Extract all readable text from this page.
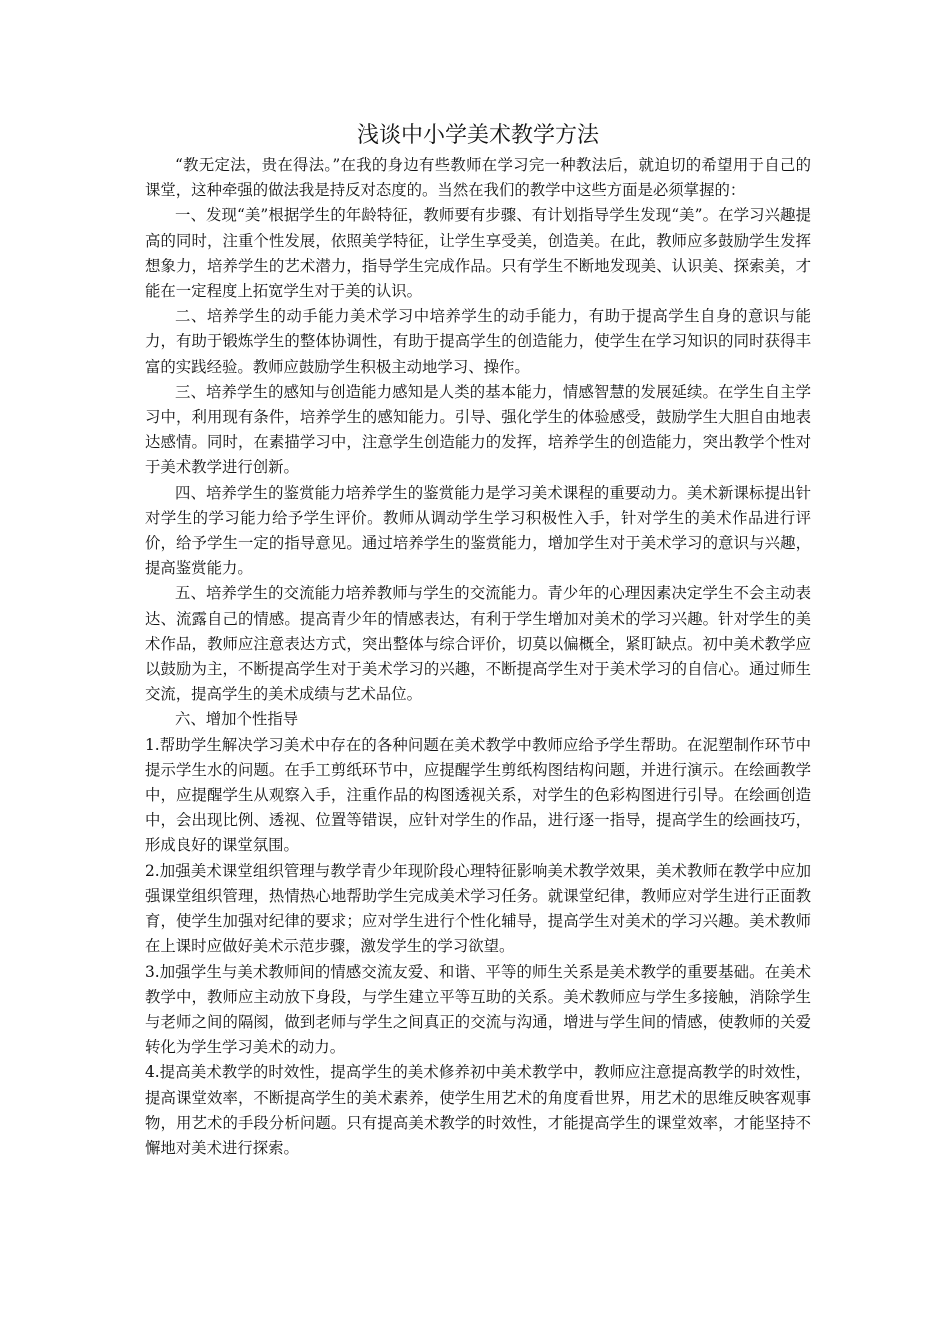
浅谈中小学美术教学方法

“教无定法，贵在得法。”在我的身边有些教师在学习完一种教法后，就迫切的希望用于自己的课堂，这种牵强的做法我是持反对态度的。当然在我们的教学中这些方面是必须掌握的：

一、发现“美”根据学生的年龄特征，教师要有步骤、有计划指导学生发现“美”。在学习兴趣提高的同时，注重个性发展，依照美学特征，让学生享受美，创造美。在此，教师应多鼓励学生发挥想象力，培养学生的艺术潜力，指导学生完成作品。只有学生不断地发现美、认识美、探索美，才能在一定程度上拓宽学生对于美的认识。

二、培养学生的动手能力美术学习中培养学生的动手能力，有助于提高学生自身的意识与能力，有助于锻炼学生的整体协调性，有助于提高学生的创造能力，使学生在学习知识的同时获得丰富的实践经验。教师应鼓励学生积极主动地学习、操作。

三、培养学生的感知与创造能力感知是人类的基本能力，情感智慧的发展延续。在学生自主学习中，利用现有条件，培养学生的感知能力。引导、强化学生的体验感受，鼓励学生大胆自由地表达感情。同时，在素描学习中，注意学生创造能力的发挥，培养学生的创造能力，突出教学个性对于美术教学进行创新。

四、培养学生的鉴赏能力培养学生的鉴赏能力是学习美术课程的重要动力。美术新课标提出针对学生的学习能力给予学生评价。教师从调动学生学习积极性入手，针对学生的美术作品进行评价，给予学生一定的指导意见。通过培养学生的鉴赏能力，增加学生对于美术学习的意识与兴趣，提高鉴赏能力。

五、培养学生的交流能力培养教师与学生的交流能力。青少年的心理因素决定学生不会主动表达、流露自己的情感。提高青少年的情感表达，有利于学生增加对美术的学习兴趣。针对学生的美术作品，教师应注意表达方式，突出整体与综合评价，切莫以偏概全，紧盯缺点。初中美术教学应以鼓励为主，不断提高学生对于美术学习的兴趣，不断提高学生对于美术学习的自信心。通过师生交流，提高学生的美术成绩与艺术品位。

六、增加个性指导

1.帮助学生解决学习美术中存在的各种问题在美术教学中教师应给予学生帮助。在泥塑制作环节中提示学生水的问题。在手工剪纸环节中，应提醒学生剪纸构图结构问题，并进行演示。在绘画教学中，应提醒学生从观察入手，注重作品的构图透视关系，对学生的色彩构图进行引导。在绘画创造中，会出现比例、透视、位置等错误，应针对学生的作品，进行逐一指导，提高学生的绘画技巧，形成良好的课堂氛围。

2.加强美术课堂组织管理与教学青少年现阶段心理特征影响美术教学效果，美术教师在教学中应加强课堂组织管理，热情热心地帮助学生完成美术学习任务。就课堂纪律，教师应对学生进行正面教育，使学生加强对纪律的要求；应对学生进行个性化辅导，提高学生对美术的学习兴趣。美术教师在上课时应做好美术示范步骤，激发学生的学习欲望。

3.加强学生与美术教师间的情感交流友爱、和谐、平等的师生关系是美术教学的重要基础。在美术教学中，教师应主动放下身段，与学生建立平等互助的关系。美术教师应与学生多接触，消除学生与老师之间的隔阂，做到老师与学生之间真正的交流与沟通，增进与学生间的情感，使教师的关爱转化为学生学习美术的动力。

4.提高美术教学的时效性，提高学生的美术修养初中美术教学中，教师应注意提高教学的时效性，提高课堂效率，不断提高学生的美术素养，使学生用艺术的角度看世界，用艺术的思维反映客观事物，用艺术的手段分析问题。只有提高美术教学的时效性，才能提高学生的课堂效率，才能坚持不懈地对美术进行探索。
